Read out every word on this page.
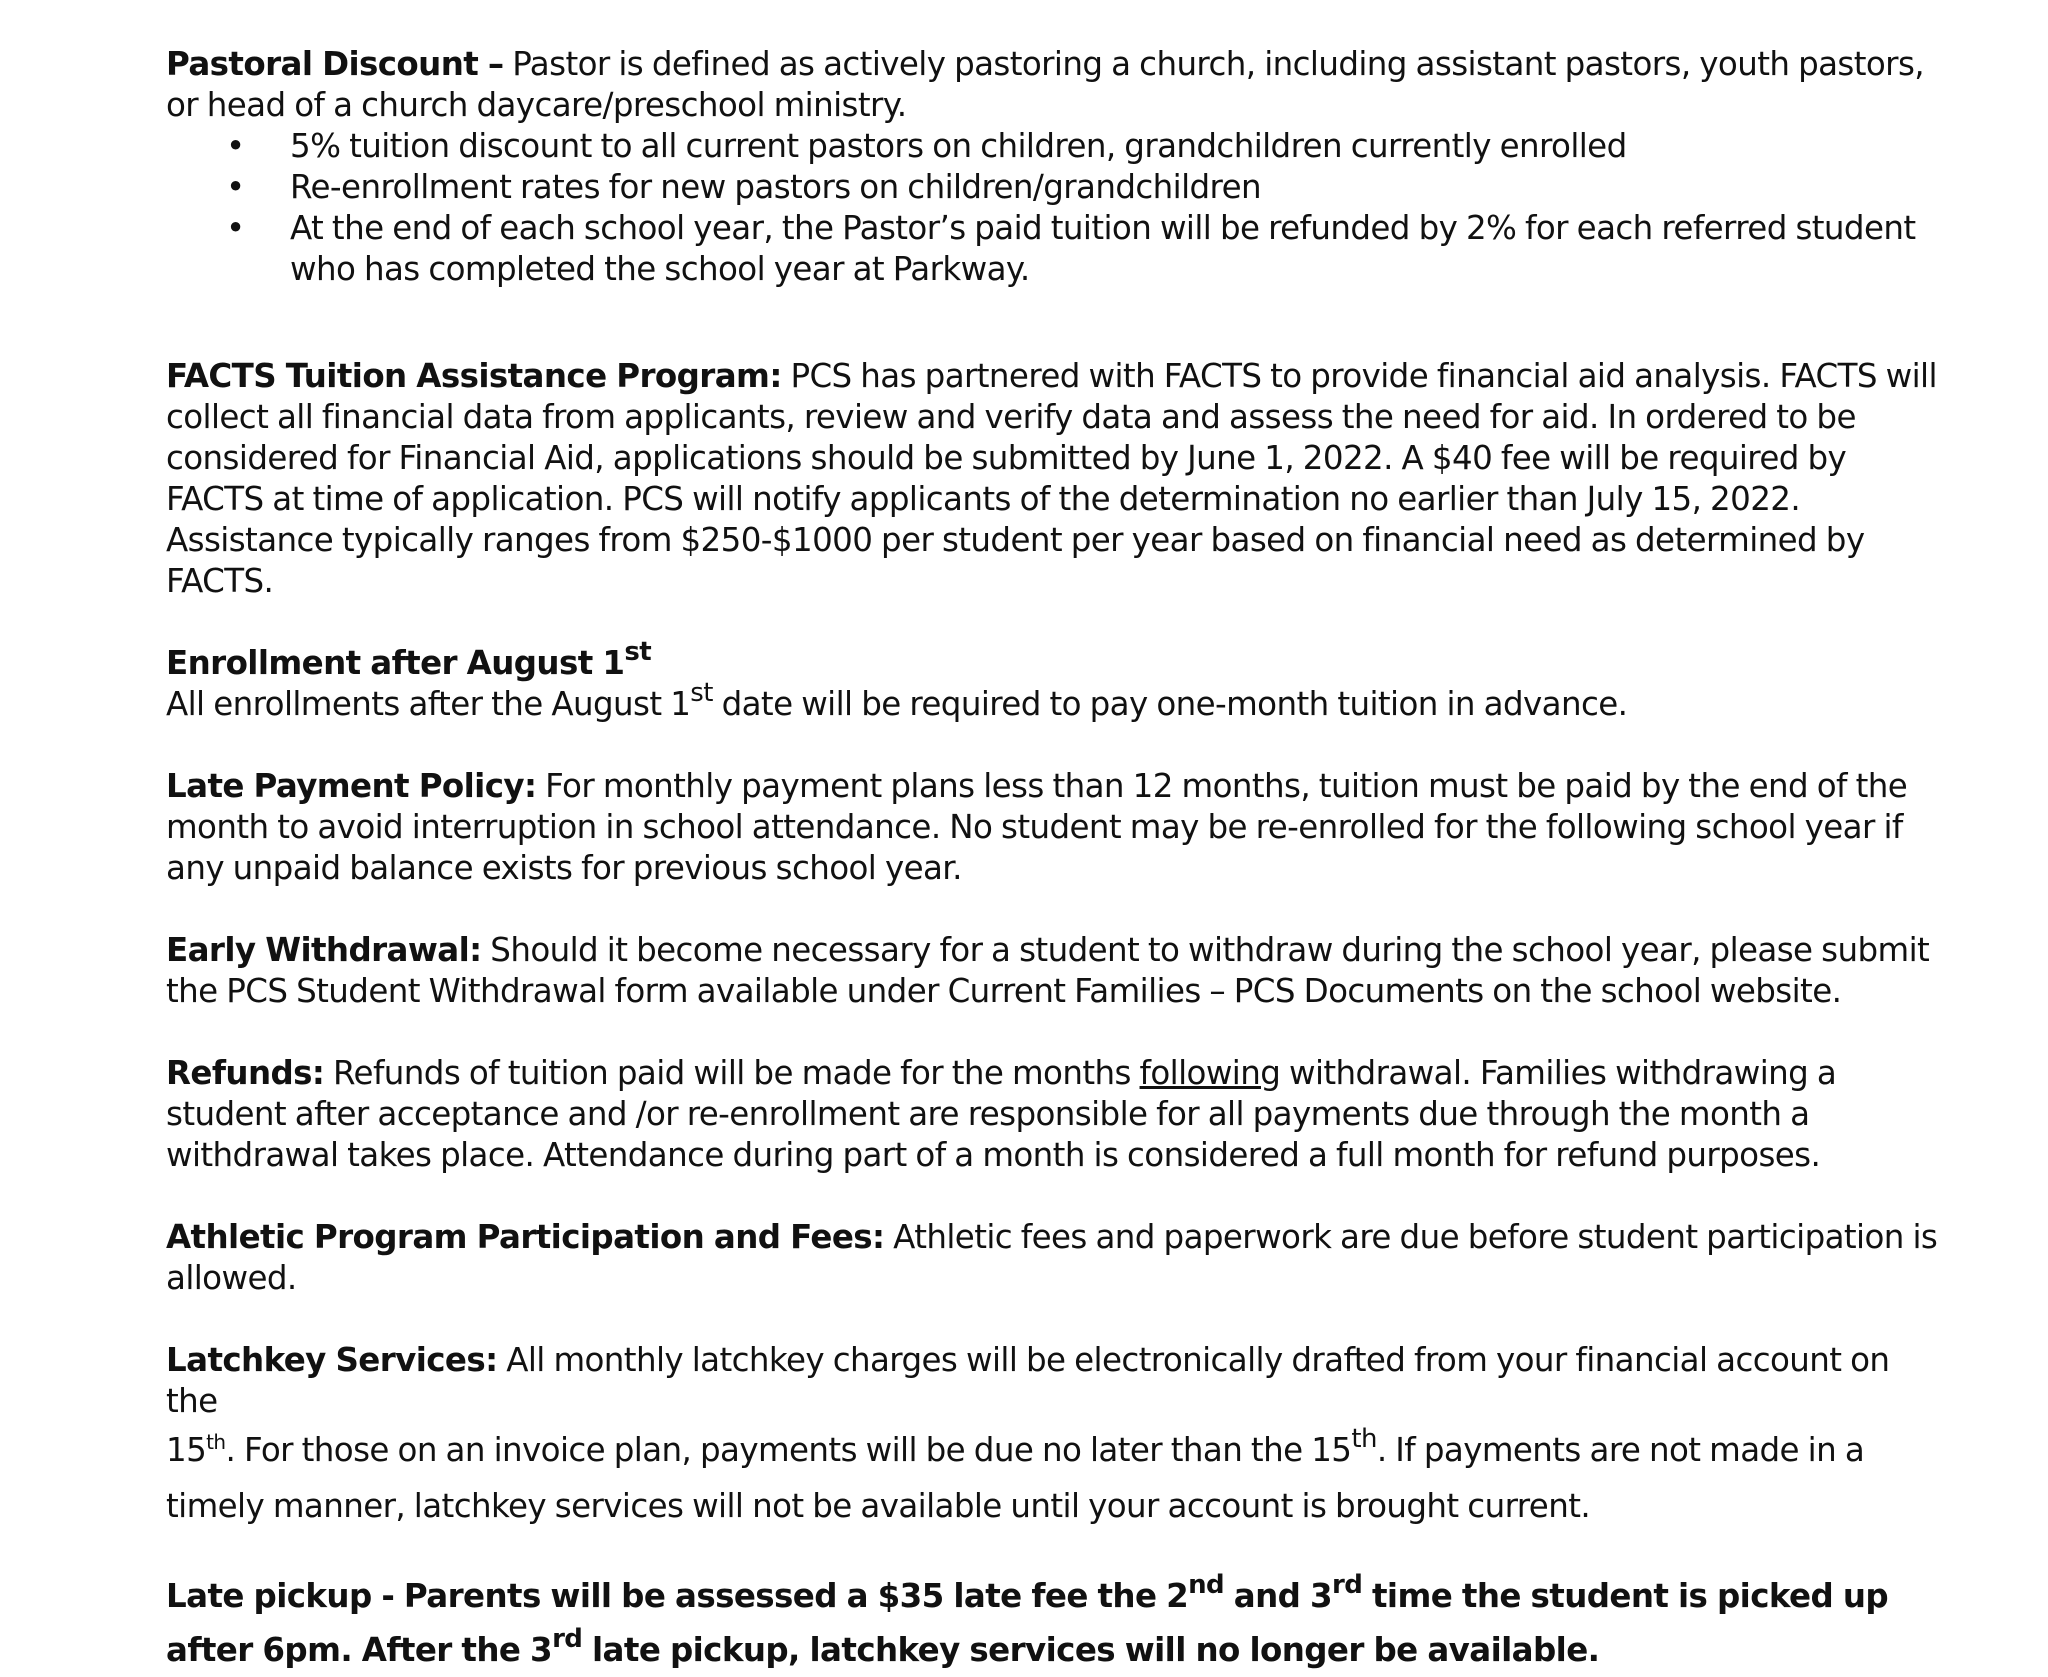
Pastoral Discount – Pastor is defined as actively pastoring a church, including assistant pastors, youth pastors, or head of a church daycare/preschool ministry.
• 5% tuition discount to all current pastors on children, grandchildren currently enrolled
• Re-enrollment rates for new pastors on children/grandchildren
• At the end of each school year, the Pastor’s paid tuition will be refunded by 2% for each referred student who has completed the school year at Parkway.
FACTS Tuition Assistance Program: PCS has partnered with FACTS to provide financial aid analysis. FACTS will collect all financial data from applicants, review and verify data and assess the need for aid. In ordered to be considered for Financial Aid, applications should be submitted by June 1, 2022. A $40 fee will be required by FACTS at time of application. PCS will notify applicants of the determination no earlier than July 15, 2022. Assistance typically ranges from $250-$1000 per student per year based on financial need as determined by FACTS.
Enrollment after August 1st
All enrollments after the August 1st date will be required to pay one-month tuition in advance.
Late Payment Policy: For monthly payment plans less than 12 months, tuition must be paid by the end of the month to avoid interruption in school attendance. No student may be re-enrolled for the following school year if any unpaid balance exists for previous school year.
Early Withdrawal: Should it become necessary for a student to withdraw during the school year, please submit the PCS Student Withdrawal form available under Current Families – PCS Documents on the school website.
Refunds: Refunds of tuition paid will be made for the months following withdrawal. Families withdrawing a student after acceptance and /or re-enrollment are responsible for all payments due through the month a withdrawal takes place. Attendance during part of a month is considered a full month for refund purposes.
Athletic Program Participation and Fees: Athletic fees and paperwork are due before student participation is allowed.
Latchkey Services: All monthly latchkey charges will be electronically drafted from your financial account on the
15th. For those on an invoice plan, payments will be due no later than the 15th. If payments are not made in a timely manner, latchkey services will not be available until your account is brought current.
Late pickup - Parents will be assessed a $35 late fee the 2nd and 3rd time the student is picked up after 6pm. After the 3rd late pickup, latchkey services will no longer be available.
